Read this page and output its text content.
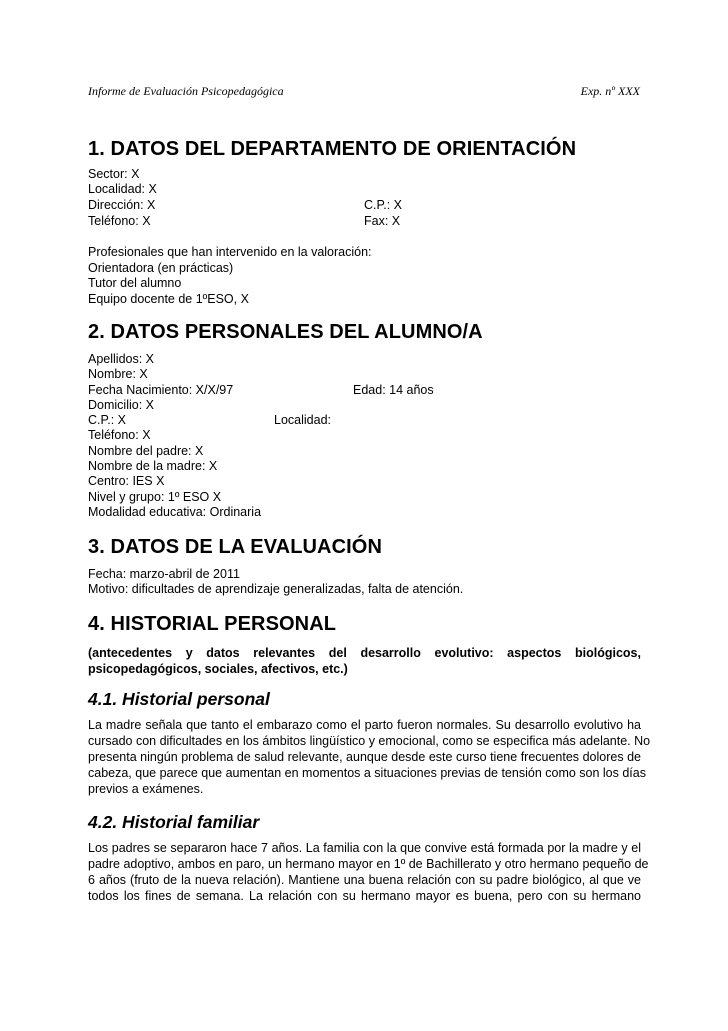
Informe de Evaluación Psicopedagógica	Exp. nº XXX
1. DATOS DEL DEPARTAMENTO DE ORIENTACIÓN
Sector: X
Localidad: X
Dirección: X	C.P.: X
Teléfono: X	Fax: X
Profesionales que han intervenido en la valoración:
Orientadora (en prácticas)
Tutor del alumno
Equipo docente de 1ºESO, X
2. DATOS PERSONALES DEL ALUMNO/A
Apellidos: X
Nombre: X
Fecha Nacimiento: X/X/97	Edad: 14 años
Domicilio: X
C.P.: X	Localidad:
Teléfono: X
Nombre del padre: X
Nombre de la madre: X
Centro: IES X
Nivel y grupo: 1º ESO X
Modalidad educativa: Ordinaria
3. DATOS DE LA EVALUACIÓN
Fecha: marzo-abril de 2011
Motivo: dificultades de aprendizaje generalizadas, falta de atención.
4. HISTORIAL PERSONAL
(antecedentes y datos relevantes del desarrollo evolutivo: aspectos biológicos,
psicopedagógicos, sociales, afectivos, etc.)
4.1. Historial personal
La madre señala que tanto el embarazo como el parto fueron normales. Su desarrollo evolutivo ha
cursado con dificultades en los ámbitos lingüístico y emocional, como se especifica más adelante. No
presenta ningún problema de salud relevante, aunque desde este curso tiene frecuentes dolores de
cabeza, que parece que aumentan en momentos a situaciones previas de tensión como son los días
previos a exámenes.
4.2. Historial familiar
Los padres se separaron hace 7 años. La familia con la que convive está formada por la madre y el
padre adoptivo, ambos en paro, un hermano mayor en 1º de Bachillerato y otro hermano pequeño de
6 años (fruto de la nueva relación). Mantiene una buena relación con su padre biológico, al que ve
todos los fines de semana. La relación con su hermano mayor es buena, pero con su hermano
